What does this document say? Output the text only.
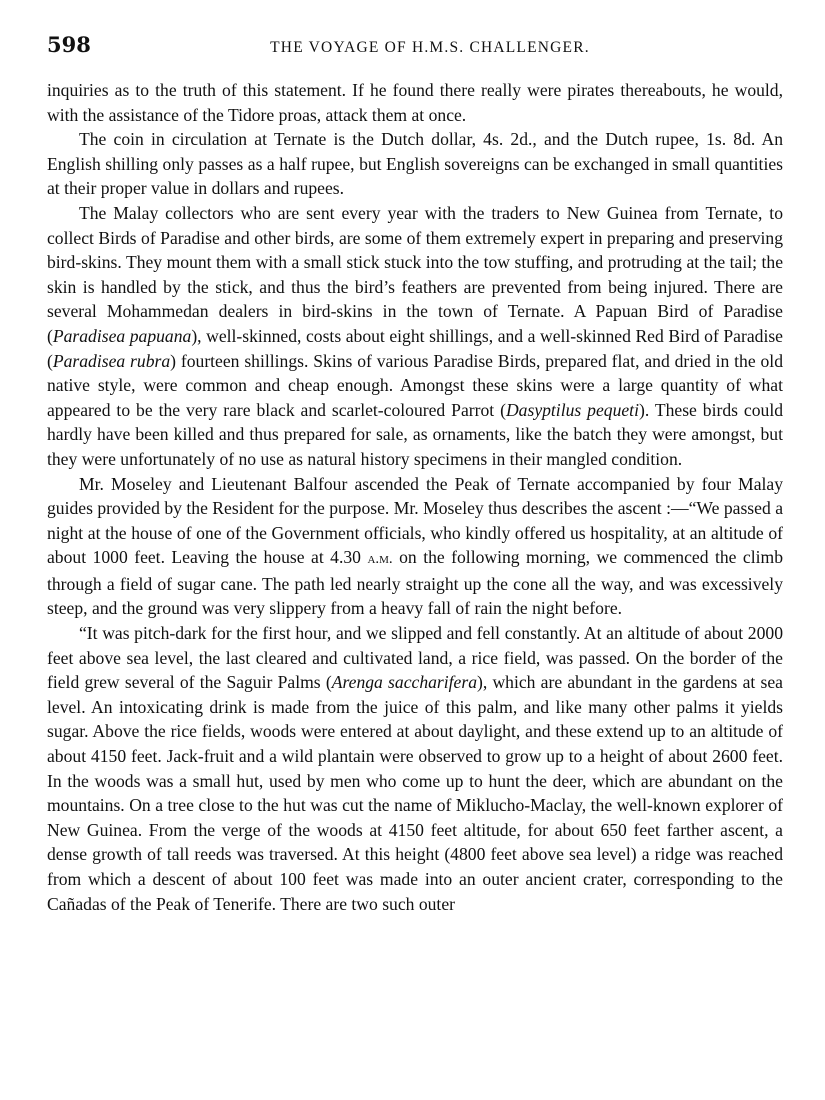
598	THE VOYAGE OF H.M.S. CHALLENGER.

inquiries as to the truth of this statement. If he found there really were pirates thereabouts, he would, with the assistance of the Tidore proas, attack them at once.

The coin in circulation at Ternate is the Dutch dollar, 4s. 2d., and the Dutch rupee, 1s. 8d. An English shilling only passes as a half rupee, but English sovereigns can be exchanged in small quantities at their proper value in dollars and rupees.

The Malay collectors who are sent every year with the traders to New Guinea from Ternate, to collect Birds of Paradise and other birds, are some of them extremely expert in preparing and preserving bird-skins. They mount them with a small stick stuck into the tow stuffing, and protruding at the tail; the skin is handled by the stick, and thus the bird’s feathers are prevented from being injured. There are several Mohammedan dealers in bird-skins in the town of Ternate. A Papuan Bird of Paradise (Paradisea papuana), well-skinned, costs about eight shillings, and a well-skinned Red Bird of Paradise (Paradisea rubra) fourteen shillings. Skins of various Paradise Birds, prepared flat, and dried in the old native style, were common and cheap enough. Amongst these skins were a large quantity of what appeared to be the very rare black and scarlet-coloured Parrot (Dasyptilus pequeti). These birds could hardly have been killed and thus prepared for sale, as ornaments, like the batch they were amongst, but they were unfortunately of no use as natural history specimens in their mangled condition.

Mr. Moseley and Lieutenant Balfour ascended the Peak of Ternate accompanied by four Malay guides provided by the Resident for the purpose. Mr. Moseley thus describes the ascent :—“We passed a night at the house of one of the Government officials, who kindly offered us hospitality, at an altitude of about 1000 feet. Leaving the house at 4.30 a.m. on the following morning, we commenced the climb through a field of sugar cane. The path led nearly straight up the cone all the way, and was excessively steep, and the ground was very slippery from a heavy fall of rain the night before.

“It was pitch-dark for the first hour, and we slipped and fell constantly. At an altitude of about 2000 feet above sea level, the last cleared and cultivated land, a rice field, was passed. On the border of the field grew several of the Saguir Palms (Arenga saccharifera), which are abundant in the gardens at sea level. An intoxicating drink is made from the juice of this palm, and like many other palms it yields sugar. Above the rice fields, woods were entered at about daylight, and these extend up to an altitude of about 4150 feet. Jack-fruit and a wild plantain were observed to grow up to a height of about 2600 feet. In the woods was a small hut, used by men who come up to hunt the deer, which are abundant on the mountains. On a tree close to the hut was cut the name of Miklucho-Maclay, the well-known explorer of New Guinea. From the verge of the woods at 4150 feet altitude, for about 650 feet farther ascent, a dense growth of tall reeds was traversed. At this height (4800 feet above sea level) a ridge was reached from which a descent of about 100 feet was made into an outer ancient crater, corresponding to the Cañadas of the Peak of Tenerife. There are two such outer
